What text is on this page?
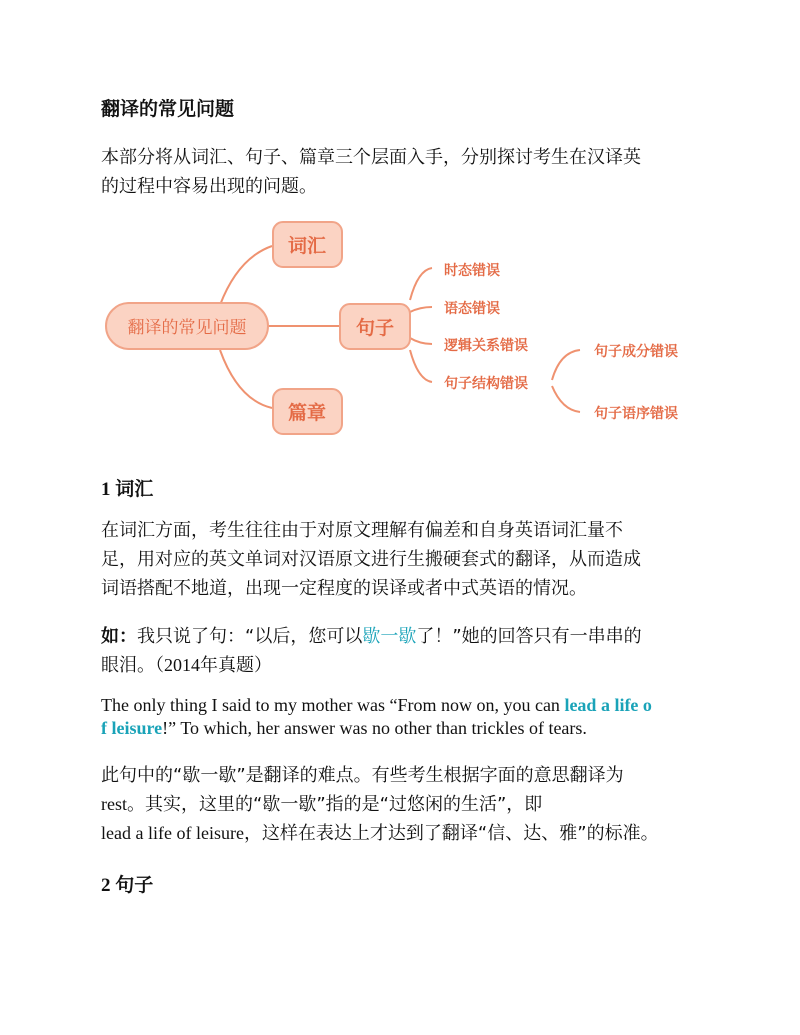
翻译的常见问题

本部分将从词汇、句子、篇章三个层面入手，分别探讨考生在汉译英
的过程中容易出现的问题。

翻译的常见问题
词汇
句子
篇章
时态错误
语态错误
逻辑关系错误
句子结构错误
句子成分错误
句子语序错误
1 词汇

在词汇方面，考生往往由于对原文理解有偏差和自身英语词汇量不
足，用对应的英文单词对汉语原文进行生搬硬套式的翻译，从而造成
词语搭配不地道，出现一定程度的误译或者中式英语的情况。

如：我只说了句：“以后，您可以歇一歇了！”她的回答只有一串串的
眼泪。（2014年真题）

The only thing I said to my mother was “From now on, you can lead a life o
f leisure!” To which, her answer was no other than trickles of tears.

此句中的“歇一歇”是翻译的难点。有些考生根据字面的意思翻译为
rest。其实，这里的“歇一歇”指的是“过悠闲的生活”，即
lead a life of leisure，这样在表达上才达到了翻译“信、达、雅”的标准。

2 句子
